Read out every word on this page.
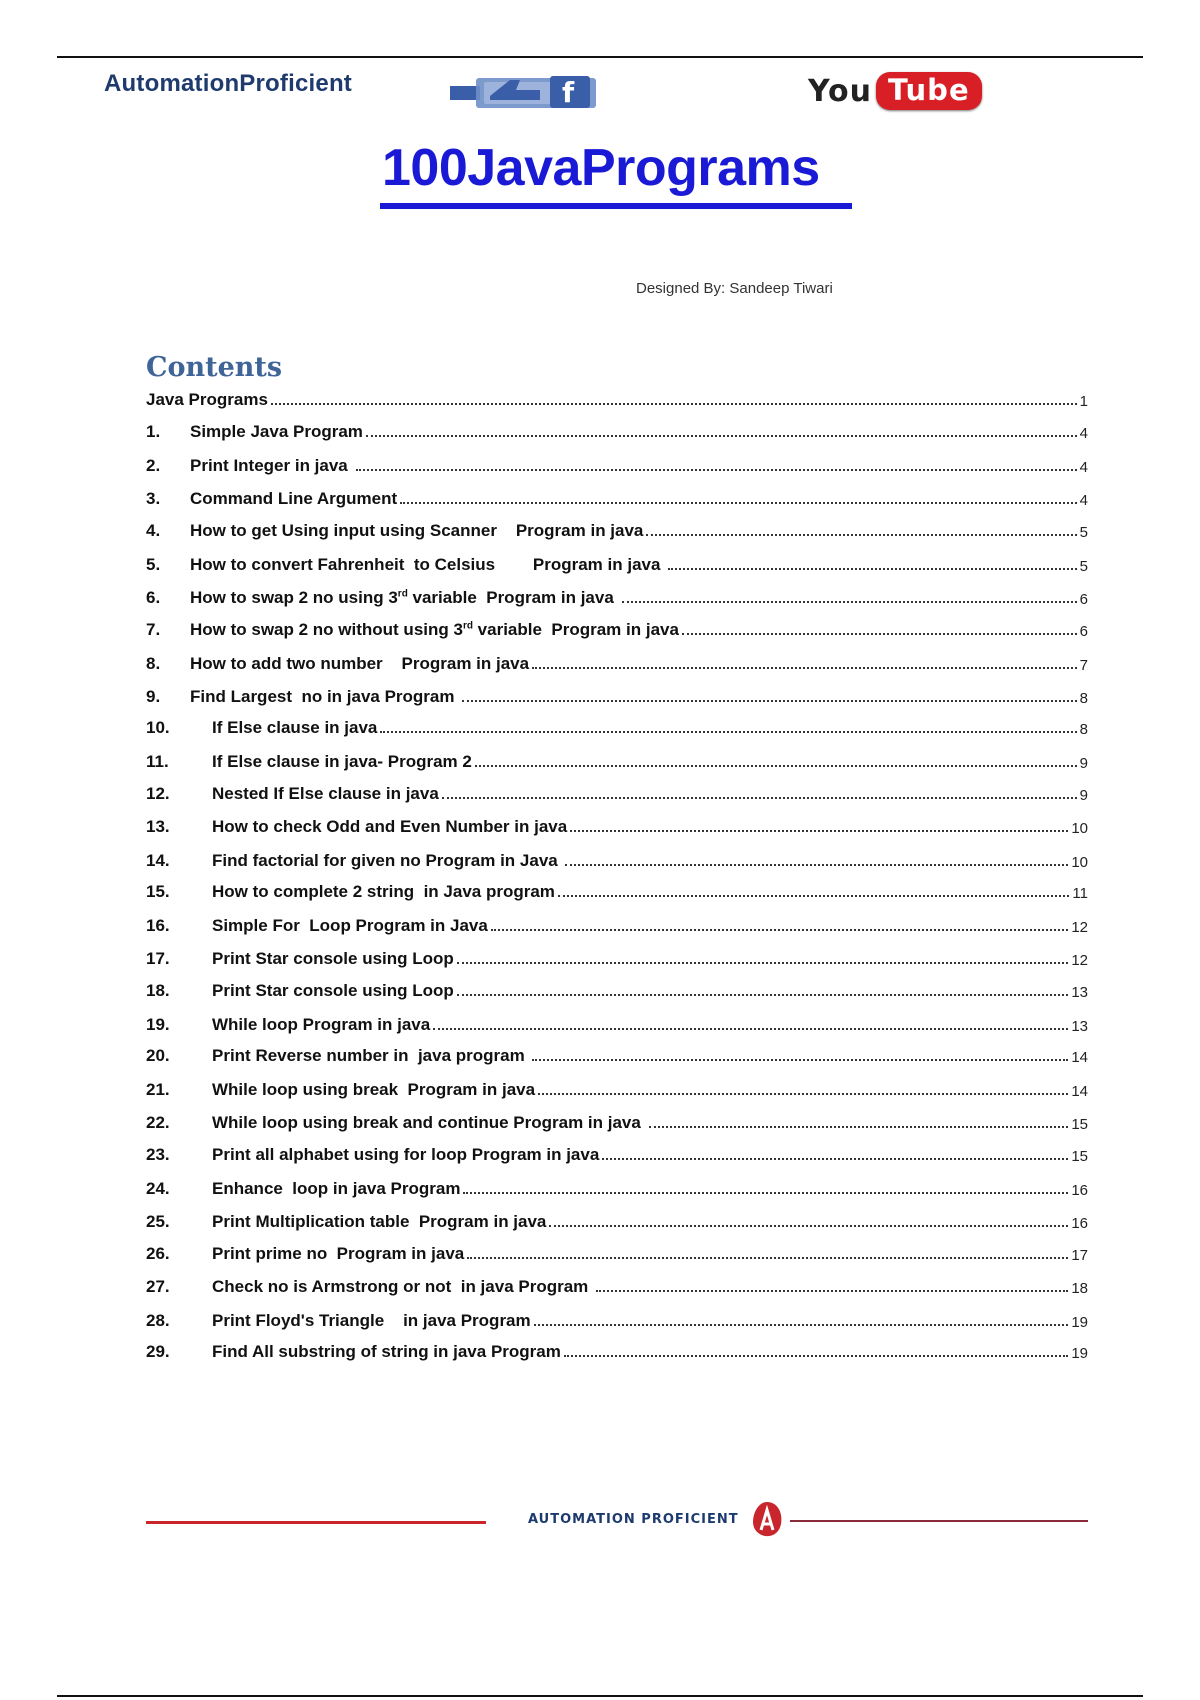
AutomationProficient	f	You Tube
100JavaPrograms
Designed By: Sandeep Tiwari
Contents
Java Programs	1
1.	Simple Java Program	4
2.	Print Integer in java	4
3.	Command Line Argument	4
4.	How to get Using input using Scanner    Program in java	5
5.	How to convert Fahrenheit  to Celsius        Program in java	5
6.	How to swap 2 no using 3rd variable  Program in java	6
7.	How to swap 2 no without using 3rd variable  Program in java	6
8.	How to add two number    Program in java	7
9.	Find Largest  no in java Program	8
10.	If Else clause in java	8
11.	If Else clause in java- Program 2	9
12.	Nested If Else clause in java	9
13.	How to check Odd and Even Number in java	10
14.	Find factorial for given no Program in Java	10
15.	How to complete 2 string  in Java program	11
16.	Simple For  Loop Program in Java	12
17.	Print Star console using Loop	12
18.	Print Star console using Loop	13
19.	While loop Program in java	13
20.	Print Reverse number in  java program	14
21.	While loop using break  Program in java	14
22.	While loop using break and continue Program in java	15
23.	Print all alphabet using for loop Program in java	15
24.	Enhance  loop in java Program	16
25.	Print Multiplication table  Program in java	16
26.	Print prime no  Program in java	17
27.	Check no is Armstrong or not  in java Program	18
28.	Print Floyd's Triangle    in java Program	19
29.	Find All substring of string in java Program	19
AUTOMATION PROFICIENT
